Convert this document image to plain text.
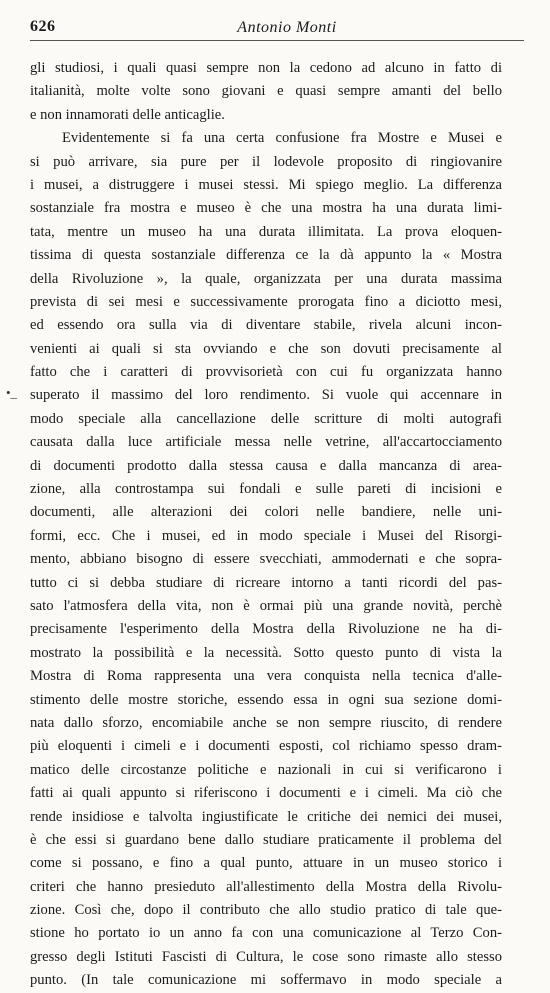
626	Antonio Monti
•_
gli studiosi, i quali quasi sempre non la cedono ad alcuno in fatto di
italianità, molte volte sono giovani e quasi sempre amanti del bello
e non innamorati delle anticaglie.
Evidentemente si fa una certa confusione fra Mostre e Musei e
si può arrivare, sia pure per il lodevole proposito di ringiovanire
i musei, a distruggere i musei stessi. Mi spiego meglio. La differenza
sostanziale fra mostra e museo è che una mostra ha una durata limi-
tata, mentre un museo ha una durata illimitata. La prova eloquen-
tissima di questa sostanziale differenza ce la dà appunto la « Mostra
della Rivoluzione », la quale, organizzata per una durata massima
prevista di sei mesi e successivamente prorogata fino a diciotto mesi,
ed essendo ora sulla via di diventare stabile, rivela alcuni incon-
venienti ai quali si sta ovviando e che son dovuti precisamente al
fatto che i caratteri di provvisorietà con cui fu organizzata hanno
superato il massimo del loro rendimento. Si vuole qui accennare in
modo speciale alla cancellazione delle scritture di molti autografi
causata dalla luce artificiale messa nelle vetrine, all'accartocciamento
di documenti prodotto dalla stessa causa e dalla mancanza di area-
zione, alla controstampa sui fondali e sulle pareti di incisioni e
documenti, alle alterazioni dei colori nelle bandiere, nelle uni-
formi, ecc. Che i musei, ed in modo speciale i Musei del Risorgi-
mento, abbiano bisogno di essere svecchiati, ammodernati e che sopra-
tutto ci si debba studiare di ricreare intorno a tanti ricordi del pas-
sato l'atmosfera della vita, non è ormai più una grande novità, perchè
precisamente l'esperimento della Mostra della Rivoluzione ne ha di-
mostrato la possibilità e la necessità. Sotto questo punto di vista la
Mostra di Roma rappresenta una vera conquista nella tecnica d'alle-
stimento delle mostre storiche, essendo essa in ogni sua sezione domi-
nata dallo sforzo, encomiabile anche se non sempre riuscito, di rendere
più eloquenti i cimeli e i documenti esposti, col richiamo spesso dram-
matico delle circostanze politiche e nazionali in cui si verificarono i
fatti ai quali appunto si riferiscono i documenti e i cimeli. Ma ciò che
rende insidiose e talvolta ingiustificate le critiche dei nemici dei musei,
è che essi si guardano bene dallo studiare praticamente il problema del
come si possano, e fino a qual punto, attuare in un museo storico i
criteri che hanno presieduto all'allestimento della Mostra della Rivolu-
zione. Così che, dopo il contributo che allo studio pratico di tale que-
stione ho portato io un anno fa con una comunicazione al Terzo Con-
gresso degli Istituti Fascisti di Cultura, le cose sono rimaste allo stesso
punto. (In tale comunicazione mi soffermavo in modo speciale a
